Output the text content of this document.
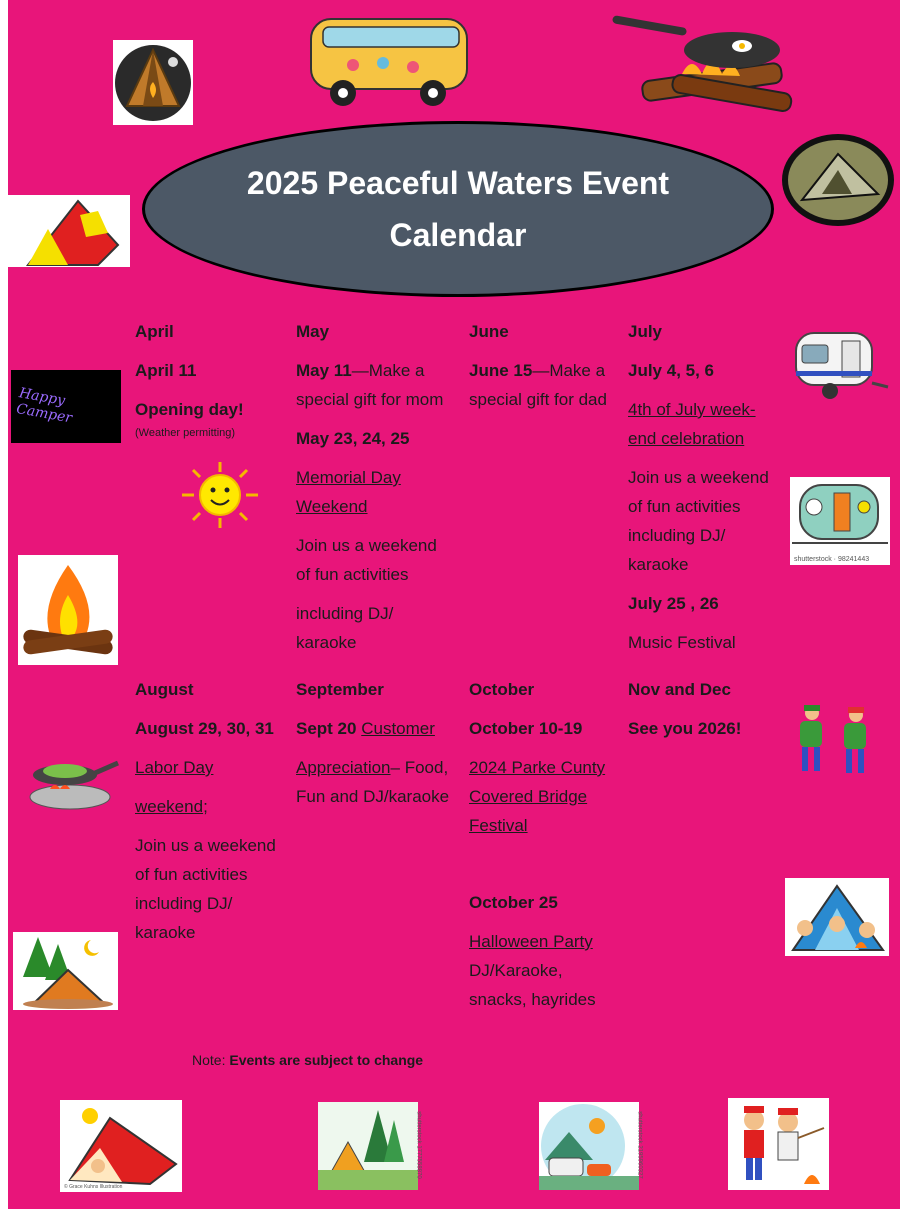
Happy Camper
shutterstock · 98241443
© Grace Kuhns Illustration
shutterstock 1777558870	shutterstock 2195960327
2025 Peaceful Waters Event
Calendar

April

April 11

Opening day!

(Weather permitting)

May

May 11—Make a special gift for mom

May 23, 24, 25

Memorial Day Weekend

Join us a weekend of fun activities

including DJ/ karaoke

June

June 15—Make a special gift for dad

July

July 4, 5, 6

4th of July week-end celebration

Join us a weekend of fun activities including DJ/ karaoke

July 25 , 26

Music Festival

August

August 29, 30, 31

Labor Day

weekend;

Join us a weekend of fun activities including DJ/ karaoke

September

Sept 20 Customer

Appreciation– Food, Fun and DJ/karaoke

October

October 10-19

2024 Parke Cunty Covered Bridge Festival

October 25

Halloween Party

DJ/Karaoke, snacks, hayrides

Nov and Dec

See you 2026!

Note: Events are subject to change
